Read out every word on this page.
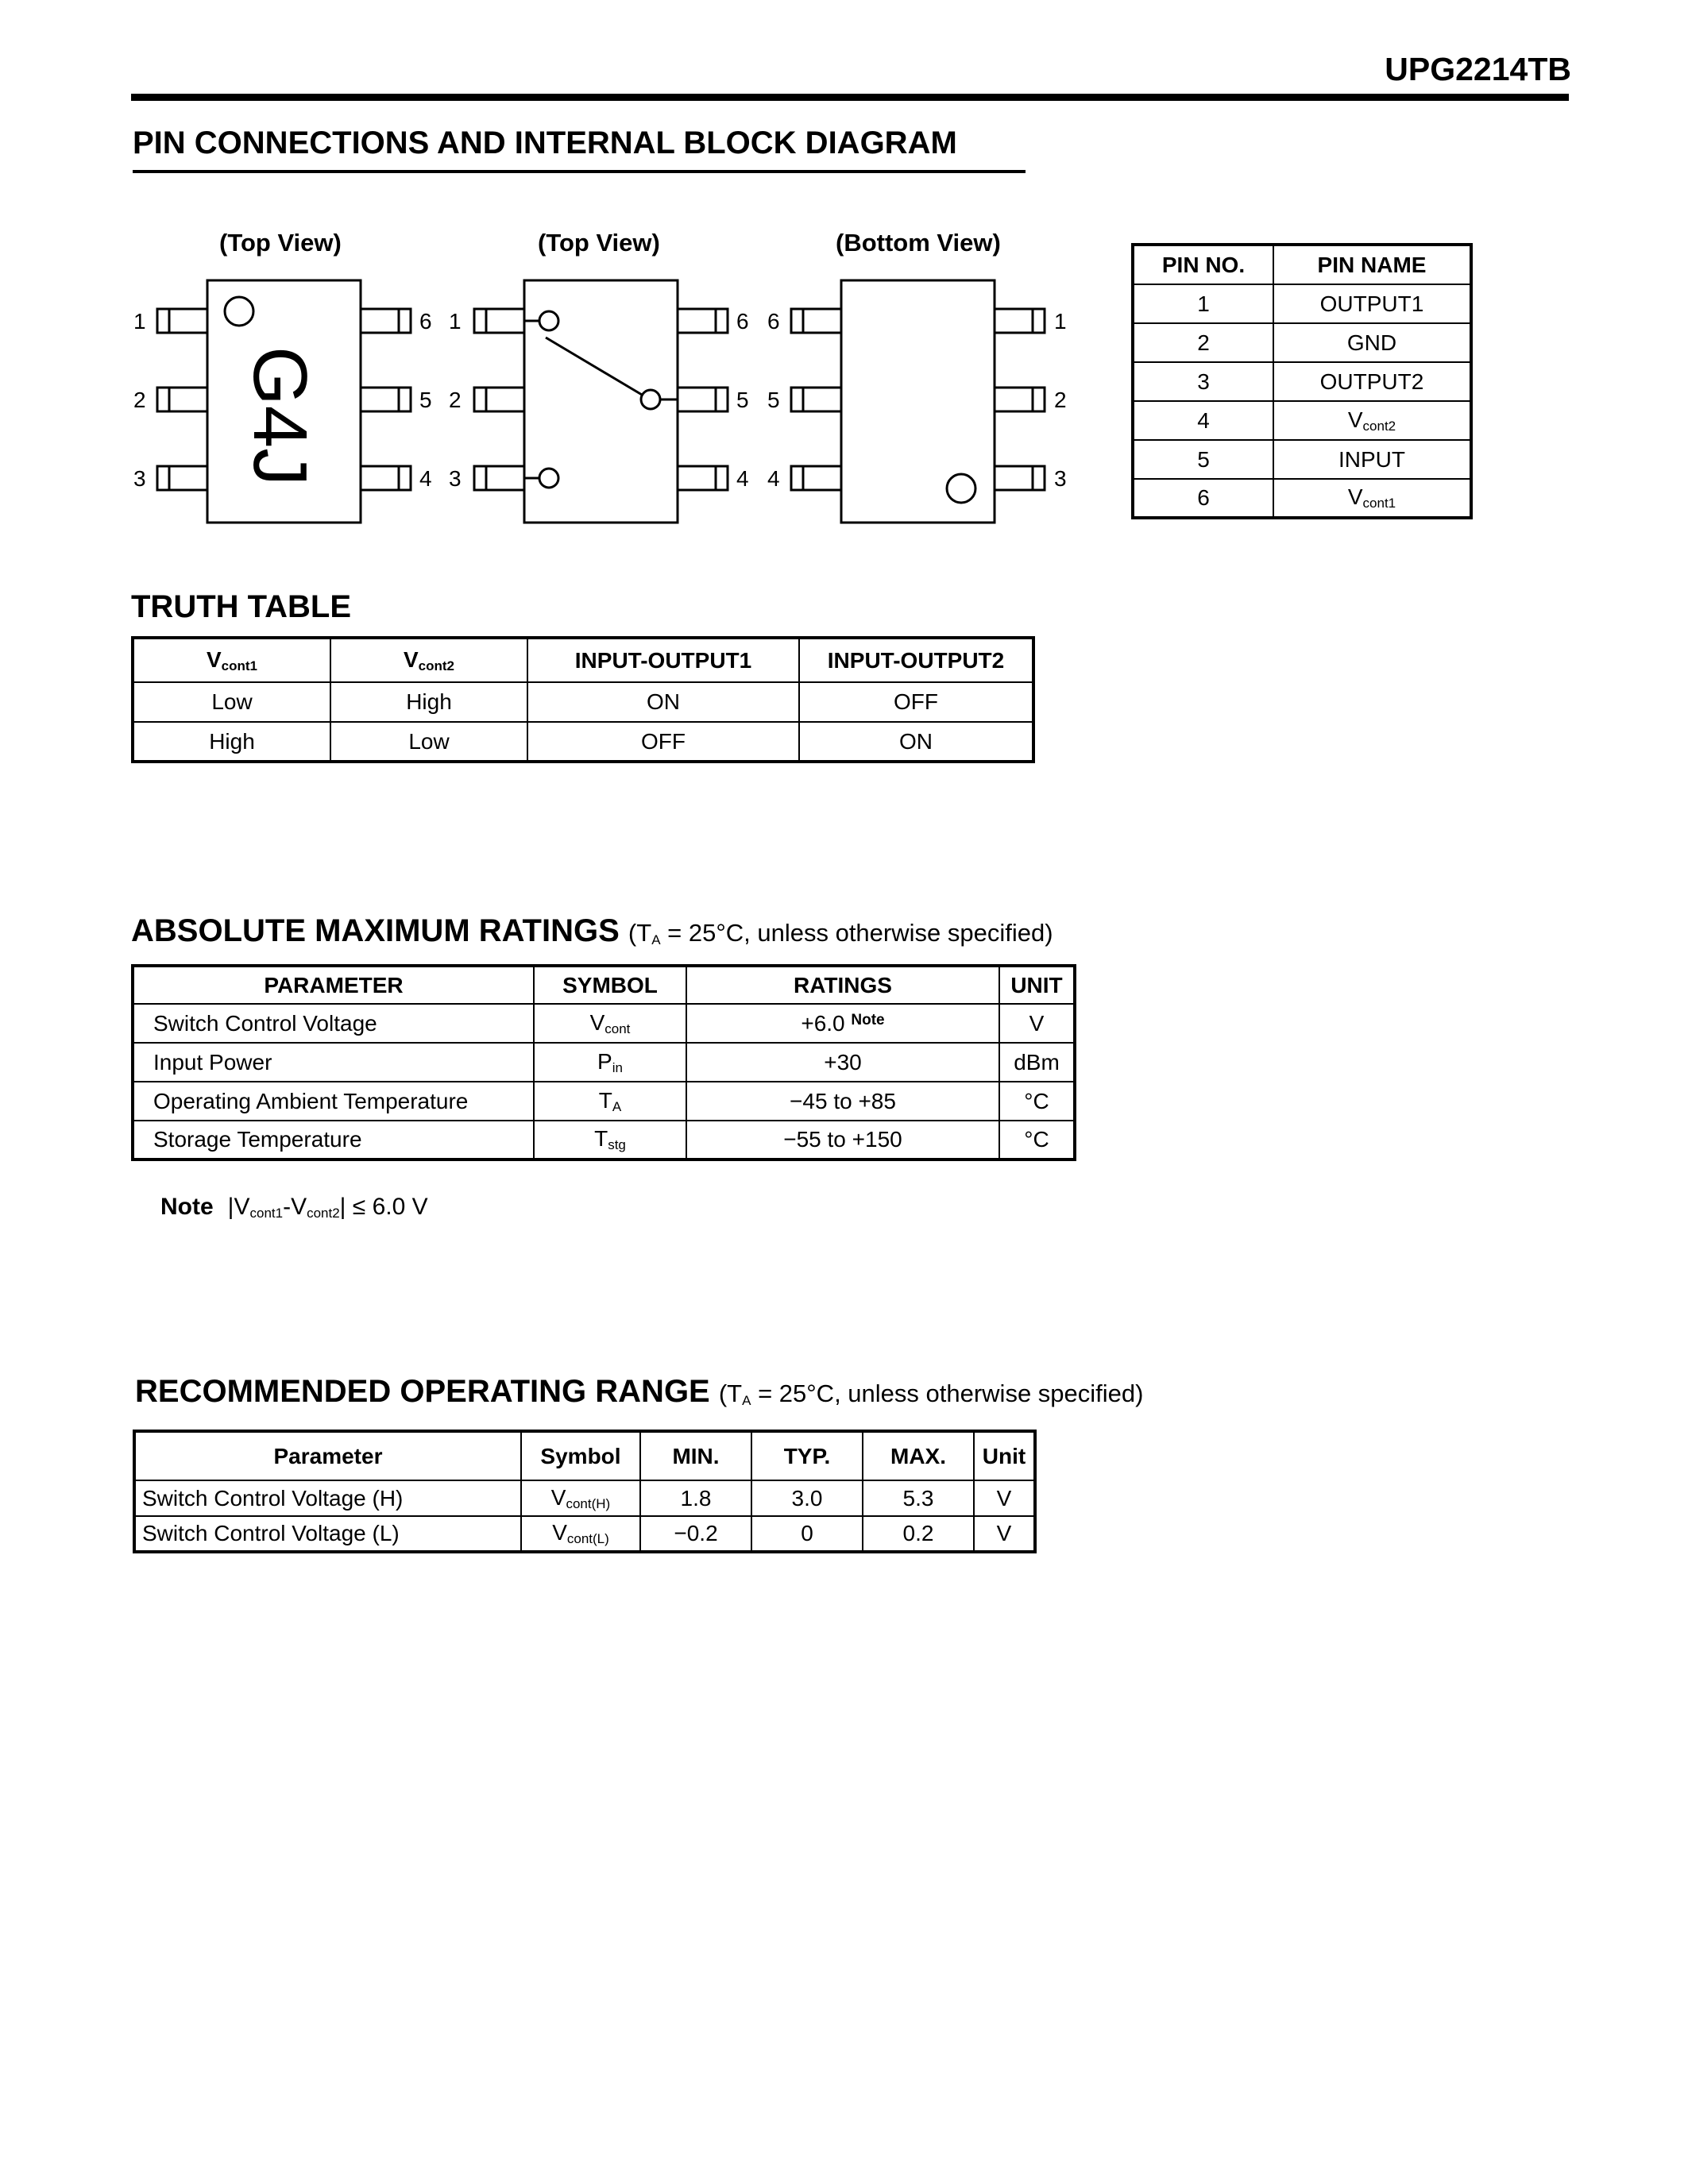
UPG2214TB
PIN CONNECTIONS AND INTERNAL BLOCK DIAGRAM
(Top View)	(Top View)	(Bottom View)
1
2
3
6
5
4
1
2
3
6
5
4
6
5
4
1
2
3
G4J
PIN NO.	PIN NAME
1	OUTPUT1
2	GND
3	OUTPUT2
4	$V_{cont2}$
5	INPUT
6	$V_{cont1}$
TRUTH TABLE
$V_{cont1}$	$V_{cont2}$	INPUT-OUTPUT1	INPUT-OUTPUT2
Low	High	ON	OFF
High	Low	OFF	ON
ABSOLUTE MAXIMUM RATINGS ($T_A = 25^\circ C$, unless otherwise specified)
PARAMETER	SYMBOL	RATINGS	UNIT
Switch Control Voltage	$V_{cont}$	+6.0 $^{Note}$	V
Input Power	$P_{in}$	+30	dBm
Operating Ambient Temperature	$T_A$	−45 to +85	°C
Storage Temperature	$T_{stg}$	−55 to +150	°C
Note $|V_{cont1}-V_{cont2}| \le 6.0$ V
RECOMMENDED OPERATING RANGE ($T_A = 25^\circ C$, unless otherwise specified)
Parameter	Symbol	MIN.	TYP.	MAX.	Unit
Switch Control Voltage (H)	$V_{cont(H)}$	1.8	3.0	5.3	V
Switch Control Voltage (L)	$V_{cont(L)}$	−0.2	0	0.2	V
